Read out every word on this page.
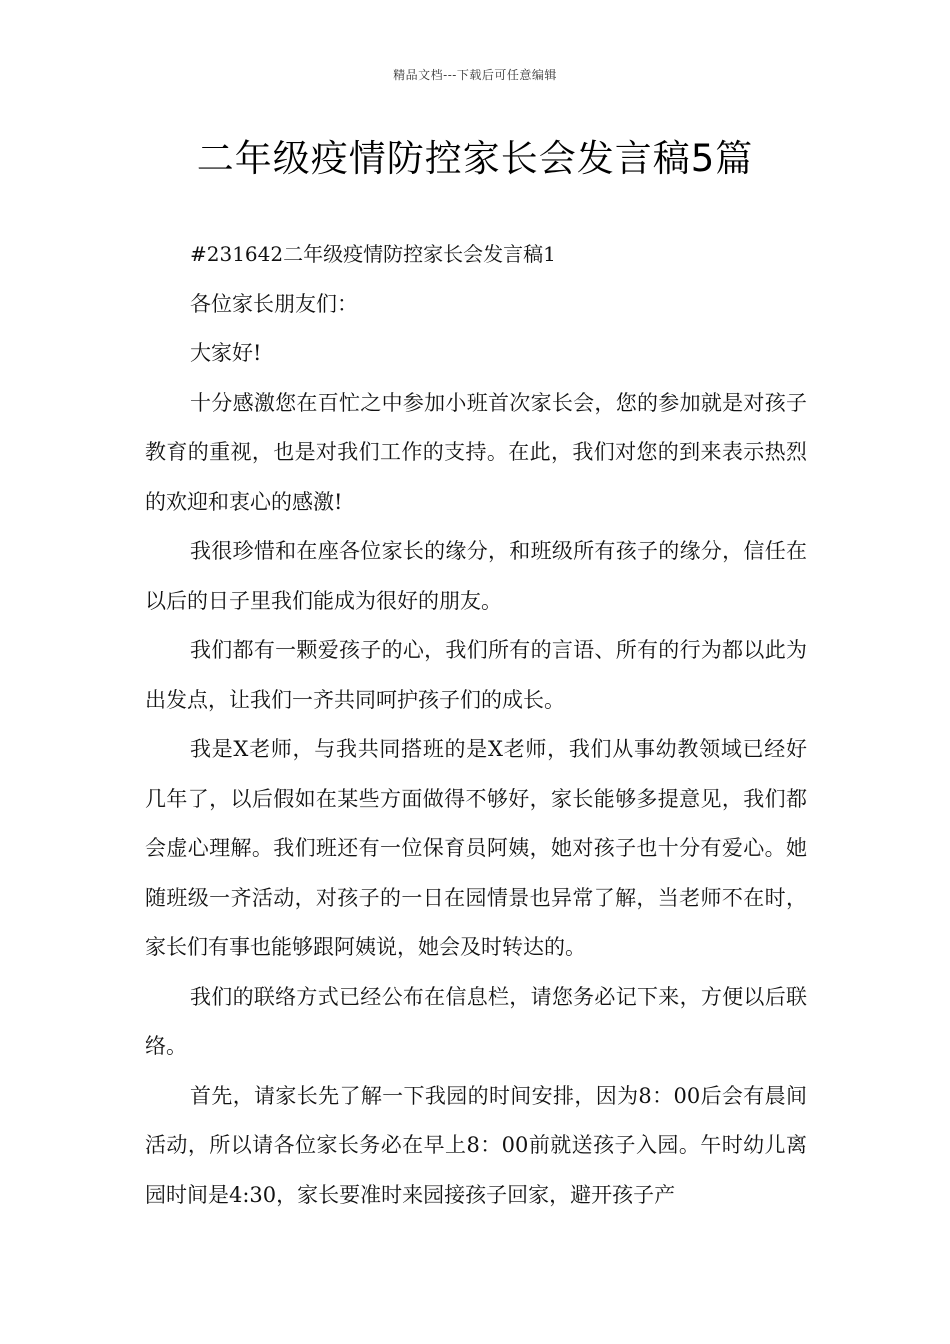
精品文档---下载后可任意编辑
二年级疫情防控家长会发言稿5篇

#231642二年级疫情防控家长会发言稿1

各位家长朋友们：

大家好!

十分感激您在百忙之中参加小班首次家长会，您的参加就是对孩子教育的重视，也是对我们工作的支持。在此，我们对您的到来表示热烈的欢迎和衷心的感激!

我很珍惜和在座各位家长的缘分，和班级所有孩子的缘分，信任在以后的日子里我们能成为很好的朋友。

我们都有一颗爱孩子的心，我们所有的言语、所有的行为都以此为出发点，让我们一齐共同呵护孩子们的成长。

我是X老师，与我共同搭班的是X老师，我们从事幼教领域已经好几年了，以后假如在某些方面做得不够好，家长能够多提意见，我们都会虚心理解。我们班还有一位保育员阿姨，她对孩子也十分有爱心。她随班级一齐活动，对孩子的一日在园情景也异常了解，当老师不在时，家长们有事也能够跟阿姨说，她会及时转达的。

我们的联络方式已经公布在信息栏，请您务必记下来，方便以后联络。

首先，请家长先了解一下我园的时间安排，因为8：00后会有晨间活动，所以请各位家长务必在早上8：00前就送孩子入园。午时幼儿离园时间是4:30，家长要准时来园接孩子回家，避开孩子产
